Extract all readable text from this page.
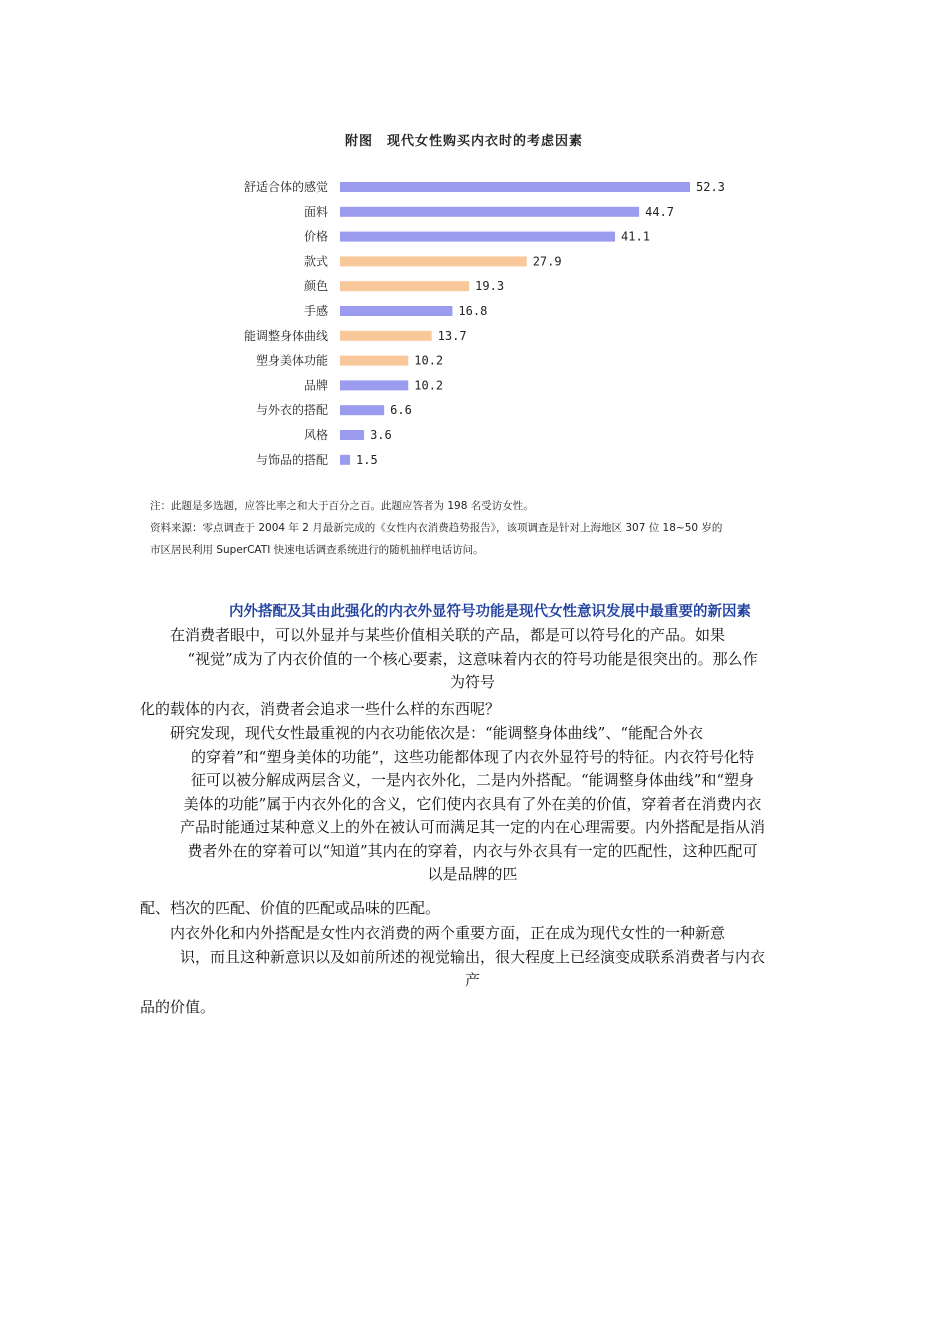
附图　现代女性购买内衣时的考虑因素
舒适合体的感觉	52.3
面料	44.7
价格	41.1
款式	27.9
颜色	19.3
手感	16.8
能调整身体曲线	13.7
塑身美体功能	10.2
品牌	10.2
与外衣的搭配	6.6
风格	3.6
与饰品的搭配 1.5
注：此题是多选题，应答比率之和大于百分之百。此题应答者为 198 名受访女性。
资料来源：零点调查于 2004 年 2 月最新完成的《女性内衣消费趋势报告》，该项调查是针对上海地区 307 位 18~50 岁的
市区居民利用 SuperCATI 快速电话调查系统进行的随机抽样电话访问。
内外搭配及其由此强化的内衣外显符号功能是现代女性意识发展中最重要的新因素
在消费者眼中，可以外显并与某些价值相关联的产品，都是可以符号化的产品。如果
“视觉”成为了内衣价值的一个核心要素，这意味着内衣的符号功能是很突出的。那么作
为符号
化的载体的内衣，消费者会追求一些什么样的东西呢？
研究发现，现代女性最重视的内衣功能依次是：“能调整身体曲线”、“能配合外衣
的穿着”和“塑身美体的功能”，这些功能都体现了内衣外显符号的特征。内衣符号化特
征可以被分解成两层含义，一是内衣外化，二是内外搭配。“能调整身体曲线”和“塑身
美体的功能”属于内衣外化的含义，它们使内衣具有了外在美的价值，穿着者在消费内衣
产品时能通过某种意义上的外在被认可而满足其一定的内在心理需要。内外搭配是指从消
费者外在的穿着可以“知道”其内在的穿着，内衣与外衣具有一定的匹配性，这种匹配可
以是品牌的匹
配、档次的匹配、价值的匹配或品味的匹配。
内衣外化和内外搭配是女性内衣消费的两个重要方面，正在成为现代女性的一种新意
识，而且这种新意识以及如前所述的视觉输出，很大程度上已经演变成联系消费者与内衣
产
品的价值。
